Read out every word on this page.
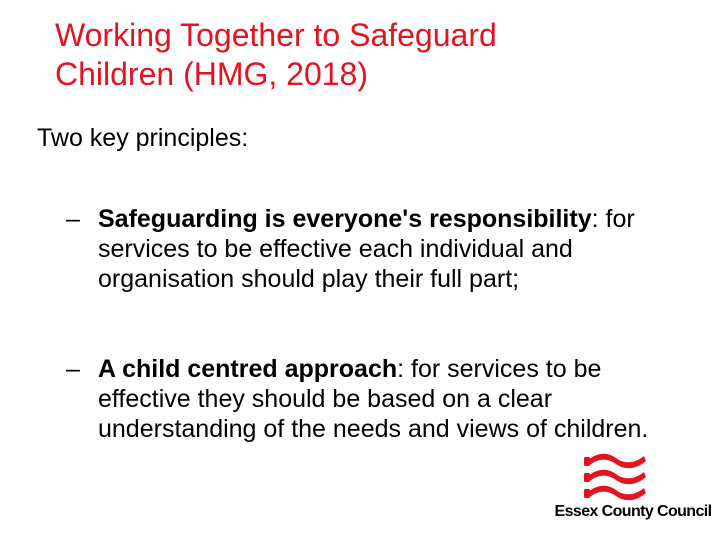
Working Together to Safeguard
Children (HMG, 2018)

Two key principles:

– Safeguarding is everyone's responsibility: for services to be effective each individual and organisation should play their full part;
– A child centred approach: for services to be effective they should be based on a clear understanding of the needs and views of children.
Essex County Council
